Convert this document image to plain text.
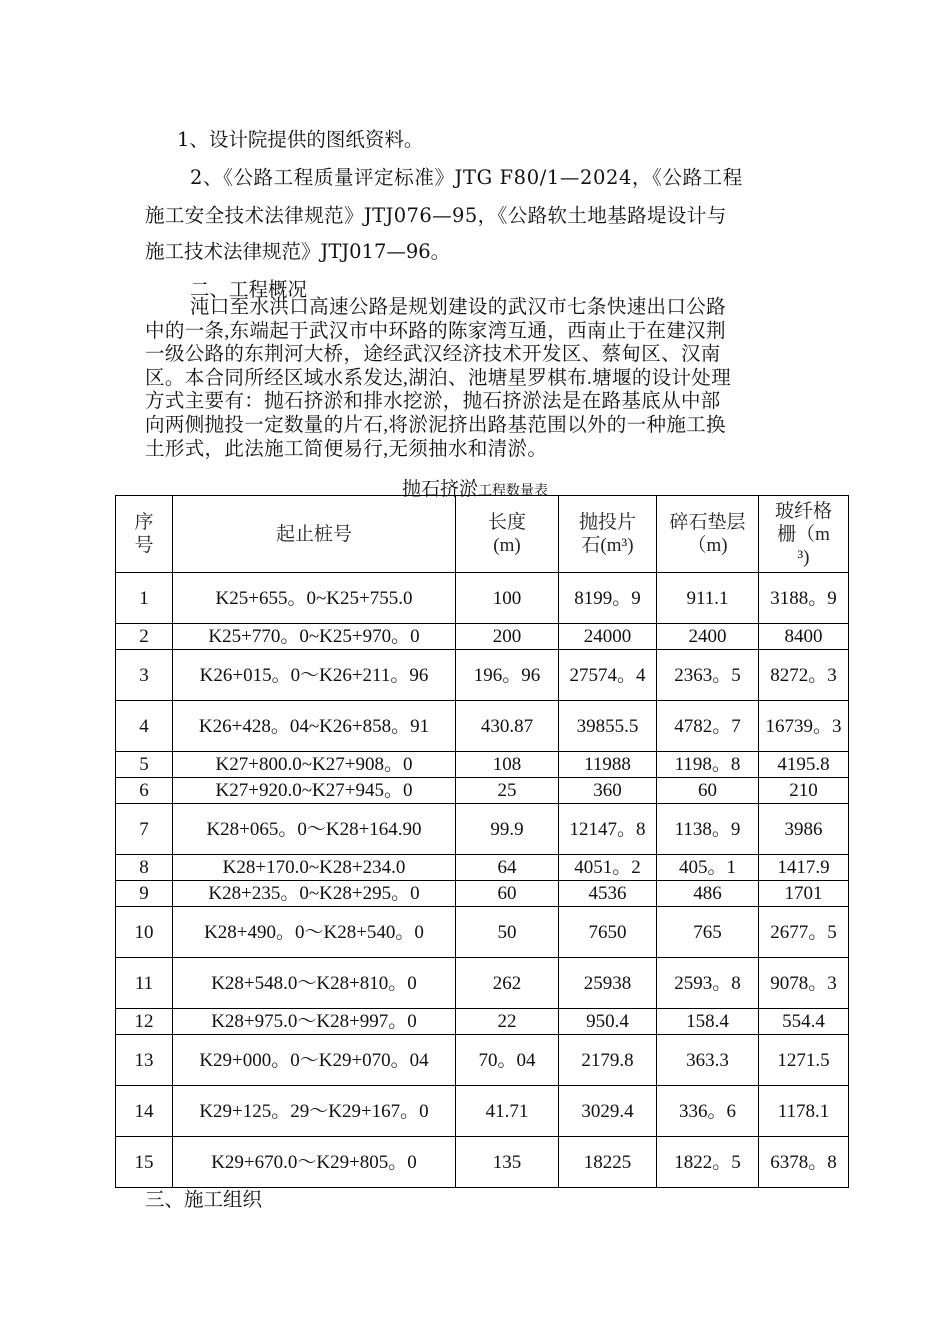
1、设计院提供的图纸资料。
2、《公路工程质量评定标准》JTG F80/1—2024，《公路工程
施工安全技术法律规范》JTJ076—95，《公路软土地基路堤设计与
施工技术法律规范》JTJ017—96。
二、工程概况
沌口至水洪口高速公路是规划建设的武汉市七条快速出口公路
中的一条,东端起于武汉市中环路的陈家湾互通，西南止于在建汉荆
一级公路的东荆河大桥，途经武汉经济技术开发区、蔡甸区、汉南
区。本合同所经区域水系发达,湖泊、池塘星罗棋布.塘堰的设计处理
方式主要有：抛石挤淤和排水挖淤，抛石挤淤法是在路基底从中部
向两侧抛投一定数量的片石,将淤泥挤出路基范围以外的一种施工换
土形式，此法施工简便易行,无须抽水和清淤。
抛石挤淤工程数量表
序号	起止桩号	长度(m)	抛投片石(m³)	碎石垫层（m)	玻纤格栅（m³)
1	K25+655。0~K25+755.0	100	8199。9	911.1	3188。9
2	K25+770。0~K25+970。0	200	24000	2400	8400
3	K26+015。0～K26+211。96	196。96	27574。4	2363。5	8272。3
4	K26+428。04~K26+858。91	430.87	39855.5	4782。7	16739。3
5	K27+800.0~K27+908。0	108	11988	1198。8	4195.8
6	K27+920.0~K27+945。0	25	360	60	210
7	K28+065。0～K28+164.90	99.9	12147。8	1138。9	3986
8	K28+170.0~K28+234.0	64	4051。2	405。1	1417.9
9	K28+235。0~K28+295。0	60	4536	486	1701
10	K28+490。0～K28+540。0	50	7650	765	2677。5
11	K28+548.0～K28+810。0	262	25938	2593。8	9078。3
12	K28+975.0～K28+997。0	22	950.4	158.4	554.4
13	K29+000。0～K29+070。04	70。04	2179.8	363.3	1271.5
14	K29+125。29～K29+167。0	41.71	3029.4	336。6	1178.1
15	K29+670.0～K29+805。0	135	18225	1822。5	6378。8
三、施工组织
